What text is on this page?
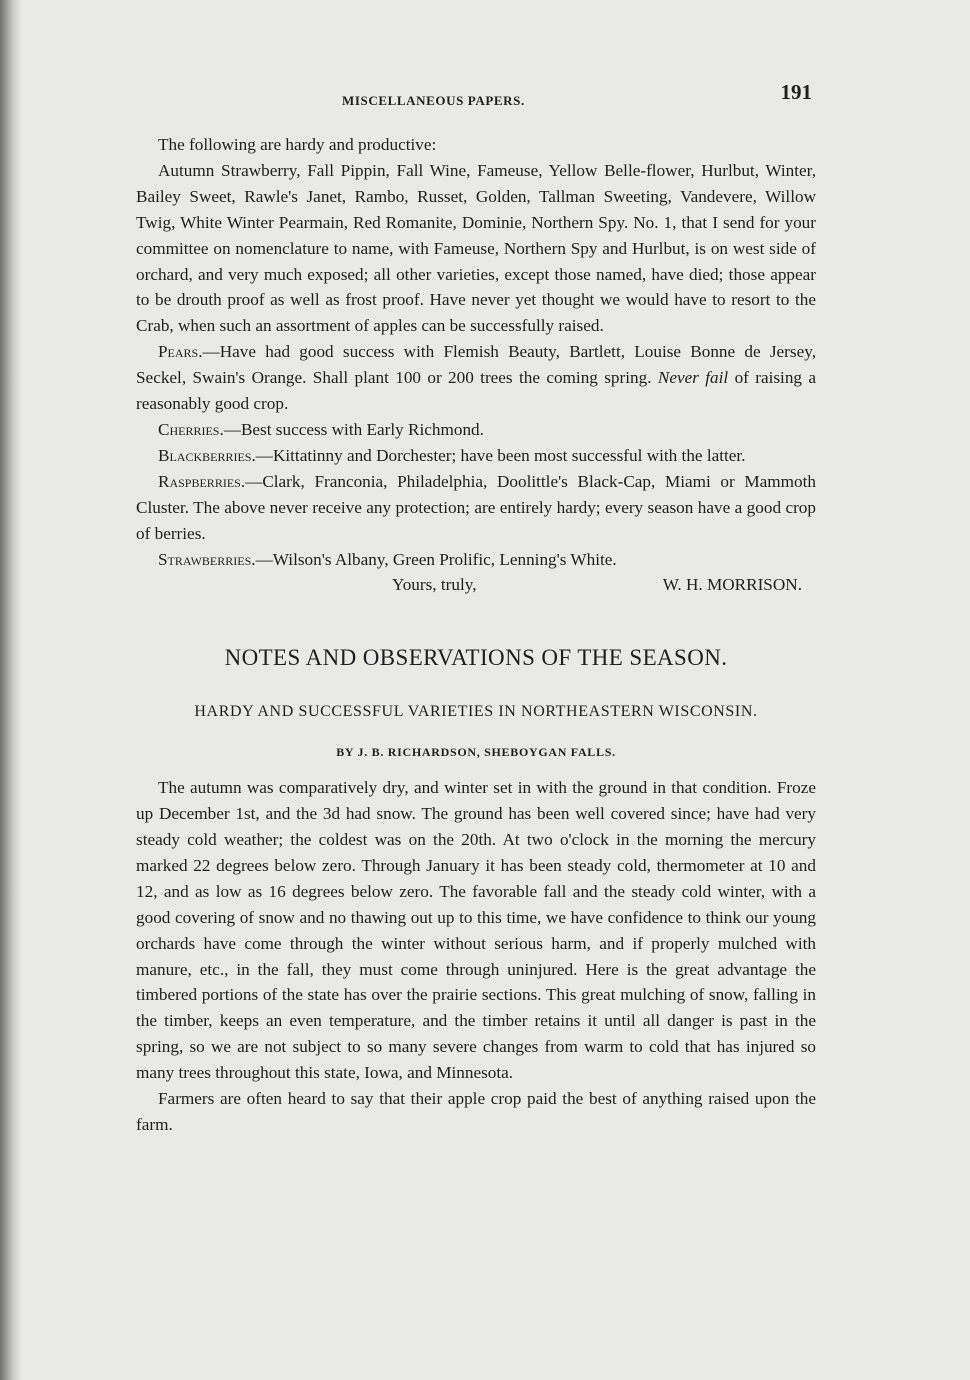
MISCELLANEOUS PAPERS.	191

The following are hardy and productive:

Autumn Strawberry, Fall Pippin, Fall Wine, Fameuse, Yellow Belle-flower, Hurlbut, Winter, Bailey Sweet, Rawle's Janet, Rambo, Russet, Golden, Tallman Sweeting, Vandevere, Willow Twig, White Winter Pearmain, Red Romanite, Dominie, Northern Spy. No. 1, that I send for your committee on nomenclature to name, with Fameuse, Northern Spy and Hurlbut, is on west side of orchard, and very much exposed; all other varieties, except those named, have died; those appear to be drouth proof as well as frost proof. Have never yet thought we would have to resort to the Crab, when such an assortment of apples can be successfully raised.

Pears.—Have had good success with Flemish Beauty, Bartlett, Louise Bonne de Jersey, Seckel, Swain's Orange. Shall plant 100 or 200 trees the coming spring. Never fail of raising a reasonably good crop.

Cherries.—Best success with Early Richmond.

Blackberries.—Kittatinny and Dorchester; have been most successful with the latter.

Raspberries.—Clark, Franconia, Philadelphia, Doolittle's Black-Cap, Miami or Mammoth Cluster. The above never receive any protection; are entirely hardy; every season have a good crop of berries.

Strawberries.—Wilson's Albany, Green Prolific, Lenning's White.

Yours, truly,	W. H. MORRISON.
NOTES AND OBSERVATIONS OF THE SEASON.
HARDY AND SUCCESSFUL VARIETIES IN NORTHEASTERN WISCONSIN.
BY J. B. RICHARDSON, SHEBOYGAN FALLS.

The autumn was comparatively dry, and winter set in with the ground in that condition. Froze up December 1st, and the 3d had snow. The ground has been well covered since; have had very steady cold weather; the coldest was on the 20th. At two o'clock in the morning the mercury marked 22 degrees below zero. Through January it has been steady cold, thermometer at 10 and 12, and as low as 16 degrees below zero. The favorable fall and the steady cold winter, with a good covering of snow and no thawing out up to this time, we have confidence to think our young orchards have come through the winter without serious harm, and if properly mulched with manure, etc., in the fall, they must come through uninjured. Here is the great advantage the timbered portions of the state has over the prairie sections. This great mulching of snow, falling in the timber, keeps an even temperature, and the timber retains it until all danger is past in the spring, so we are not subject to so many severe changes from warm to cold that has injured so many trees throughout this state, Iowa, and Minnesota.

Farmers are often heard to say that their apple crop paid the best of anything raised upon the farm.
